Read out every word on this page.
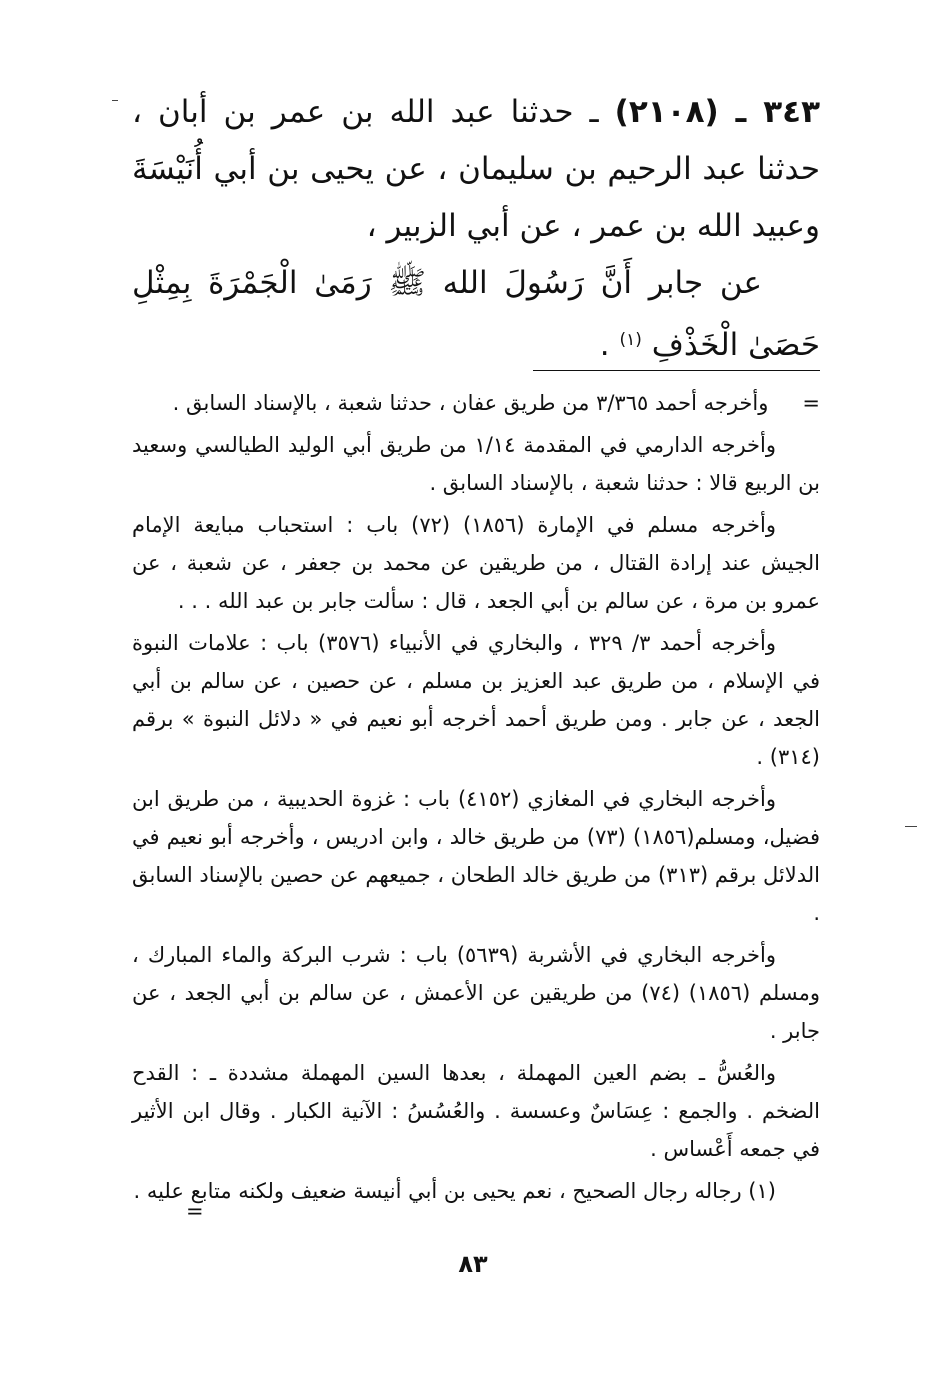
٣٤٣ ـ (٢١٠٨) ـ حدثنا عبد الله بن عمر بن أبان ، حدثنا عبد الرحيم بن سليمان ، عن يحيى بن أبي أُنَيْسَةَ وعبيد الله بن عمر ، عن أبي الزبير ،

عن جابر أَنَّ رَسُولَ الله ﷺ رَمَىٰ الْجَمْرَةَ بِمِثْلِ حَصَىٰ الْخَذْفِ $^{(١)}$ .

=وأخرجه أحمد ٣/٣٦٥ من طريق عفان ، حدثنا شعبة ، بالإسناد السابق .

وأخرجه الدارمي في المقدمة ١/١٤ من طريق أبي الوليد الطيالسي وسعيد بن الربيع قالا : حدثنا شعبة ، بالإسناد السابق .

وأخرجه مسلم في الإمارة (١٨٥٦) (٧٢) باب : استحباب مبايعة الإمام الجيش عند إرادة القتال ، من طريقين عن محمد بن جعفر ، عن شعبة ، عن عمرو بن مرة ، عن سالم بن أبي الجعد ، قال : سألت جابر بن عبد الله . . .

وأخرجه أحمد ٣/ ٣٢٩ ، والبخاري في الأنبياء (٣٥٧٦) باب : علامات النبوة في الإسلام ، من طريق عبد العزيز بن مسلم ، عن حصين ، عن سالم بن أبي الجعد ، عن جابر . ومن طريق أحمد أخرجه أبو نعيم في « دلائل النبوة » برقم (٣١٤) .

وأخرجه البخاري في المغازي (٤١٥٢) باب : غزوة الحديبية ، من طريق ابن فضيل، ومسلم(١٨٥٦) (٧٣) من طريق خالد ، وابن ادريس ، وأخرجه أبو نعيم في الدلائل برقم (٣١٣) من طريق خالد الطحان ، جميعهم عن حصين بالإسناد السابق .

وأخرجه البخاري في الأشربة (٥٦٣٩) باب : شرب البركة والماء المبارك ، ومسلم (١٨٥٦) (٧٤) من طريقين عن الأعمش ، عن سالم بن أبي الجعد ، عن جابر .

والعُسُّ ـ بضم العين المهملة ، بعدها السين المهملة مشددة ـ : القدح الضخم . والجمع : عِسَاسٌ وعسسة . والعُسُسُ : الآنية الكبار . وقال ابن الأثير في جمعه أَعْساس .

(١) رجاله رجال الصحيح ، نعم يحيى بن أبي أنيسة ضعيف ولكنه متابع عليه .
=

٨٣
